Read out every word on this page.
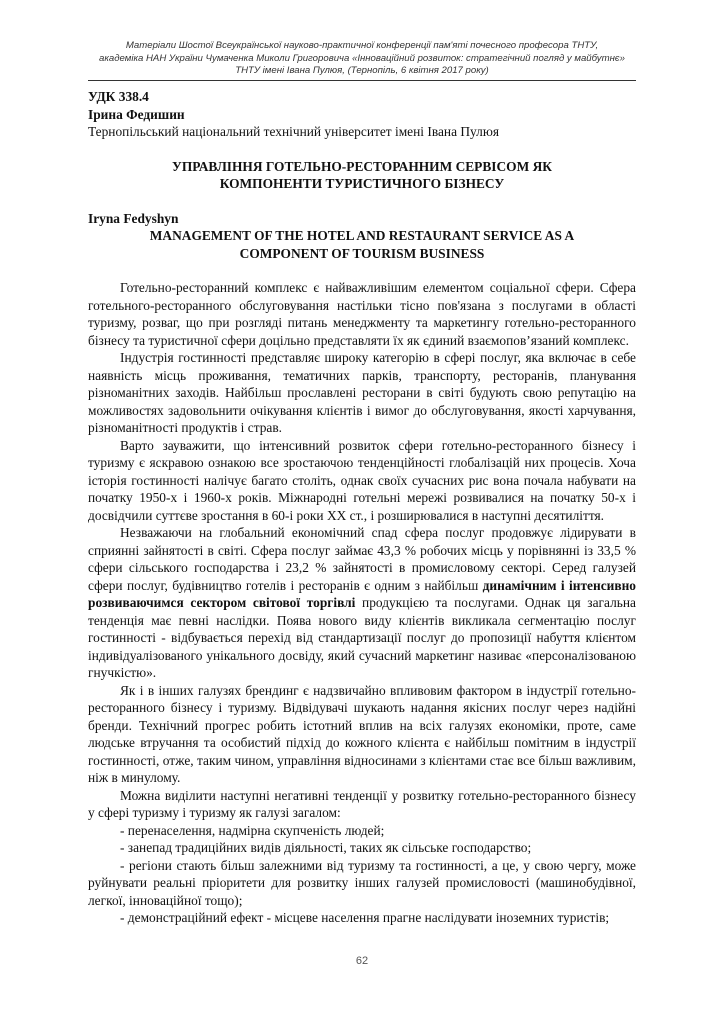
Матеріали Шостої Всеукраїнської науково-практичної конференції пам'яті почесного професора ТНТУ,
академіка НАН України Чумаченка Миколи Григоровича «Інноваційний розвиток: стратегічний погляд у майбутнє»
ТНТУ імені Івана Пулюя, (Тернопіль, 6 квітня 2017 року)
УДК 338.4
Ірина Федишин
Тернопільський національний технічний університет імені Івана Пулюя
УПРАВЛІННЯ ГОТЕЛЬНО-РЕСТОРАННИМ СЕРВІСОМ ЯК
КОМПОНЕНТИ ТУРИСТИЧНОГО БІЗНЕСУ
Iryna Fedyshyn
MANAGEMENT OF THE HOTEL AND RESTAURANT SERVICE AS A
COMPONENT OF TOURISM BUSINESS

Готельно-ресторанний комплекс є найважливішим елементом соціальної сфери. Сфера готельного-ресторанного обслуговування настільки тісно пов'язана з послугами в області туризму, розваг, що при розгляді питань менеджменту та маркетингу готельно-ресторанного бізнесу та туристичної сфери доцільно представляти їх як єдиний взаємопов’язаний комплекс.

Індустрія гостинності представляє широку категорію в сфері послуг, яка включає в себе наявність місць проживання, тематичних парків, транспорту, ресторанів, планування різноманітних заходів. Найбільш прославлені ресторани в світі будують свою репутацію на можливостях задовольнити очікування клієнтів і вимог до обслуговування, якості харчування, різноманітності продуктів і страв.

Варто зауважити, що інтенсивний розвиток сфери готельно-ресторанного бізнесу і туризму є яскравою ознакою все зростаючою тенденційності глобалізацій них процесів. Хоча історія гостинності налічує багато століть, однак своїх сучасних рис вона почала набувати на початку 1950-х і 1960-х років. Міжнародні готельні мережі розвивалися на початку 50-х і досвідчили суттєве зростання в 60-і роки XX ст., і розширювалися в наступні десятиліття.

Незважаючи на глобальний економічний спад сфера послуг продовжує лідирувати в сприянні зайнятості в світі. Сфера послуг займає 43,3 % робочих місць у порівнянні із 33,5 % сфери сільського господарства і 23,2 % зайнятості в промисловому секторі. Серед галузей сфери послуг, будівництво готелів і ресторанів є одним з найбільш динамічним і інтенсивно розвиваючимся сектором світової торгівлі продукцією та послугами. Однак ця загальна тенденція має певні наслідки. Поява нового виду клієнтів викликала сегментацію послуг гостинності - відбувається перехід від стандартизації послуг до пропозиції набуття клієнтом індивідуалізованого унікального досвіду, який сучасний маркетинг називає «персоналізованою гнучкістю».

Як і в інших галузях брендинг є надзвичайно впливовим фактором в індустрії готельно-ресторанного бізнесу і туризму. Відвідувачі шукають надання якісних послуг через надійні бренди. Технічний прогрес робить істотний вплив на всіх галузях економіки, проте, саме людське втручання та особистий підхід до кожного клієнта є найбільш помітним в індустрії гостинності, отже, таким чином, управління відносинами з клієнтами стає все більш важливим, ніж в минулому.

Можна виділити наступні негативні тенденції у розвитку готельно-ресторанного бізнесу у сфері туризму і туризму як галузі загалом:

- перенаселення, надмірна скупченість людей;

- занепад традиційних видів діяльності, таких як сільське господарство;

- регіони стають більш залежними від туризму та гостинності, а це, у свою чергу, може руйнувати реальні пріоритети для розвитку інших галузей промисловості (машинобудівної, легкої, інноваційної тощо);

- демонстраційний ефект - місцеве населення прагне наслідувати іноземних туристів;

62
